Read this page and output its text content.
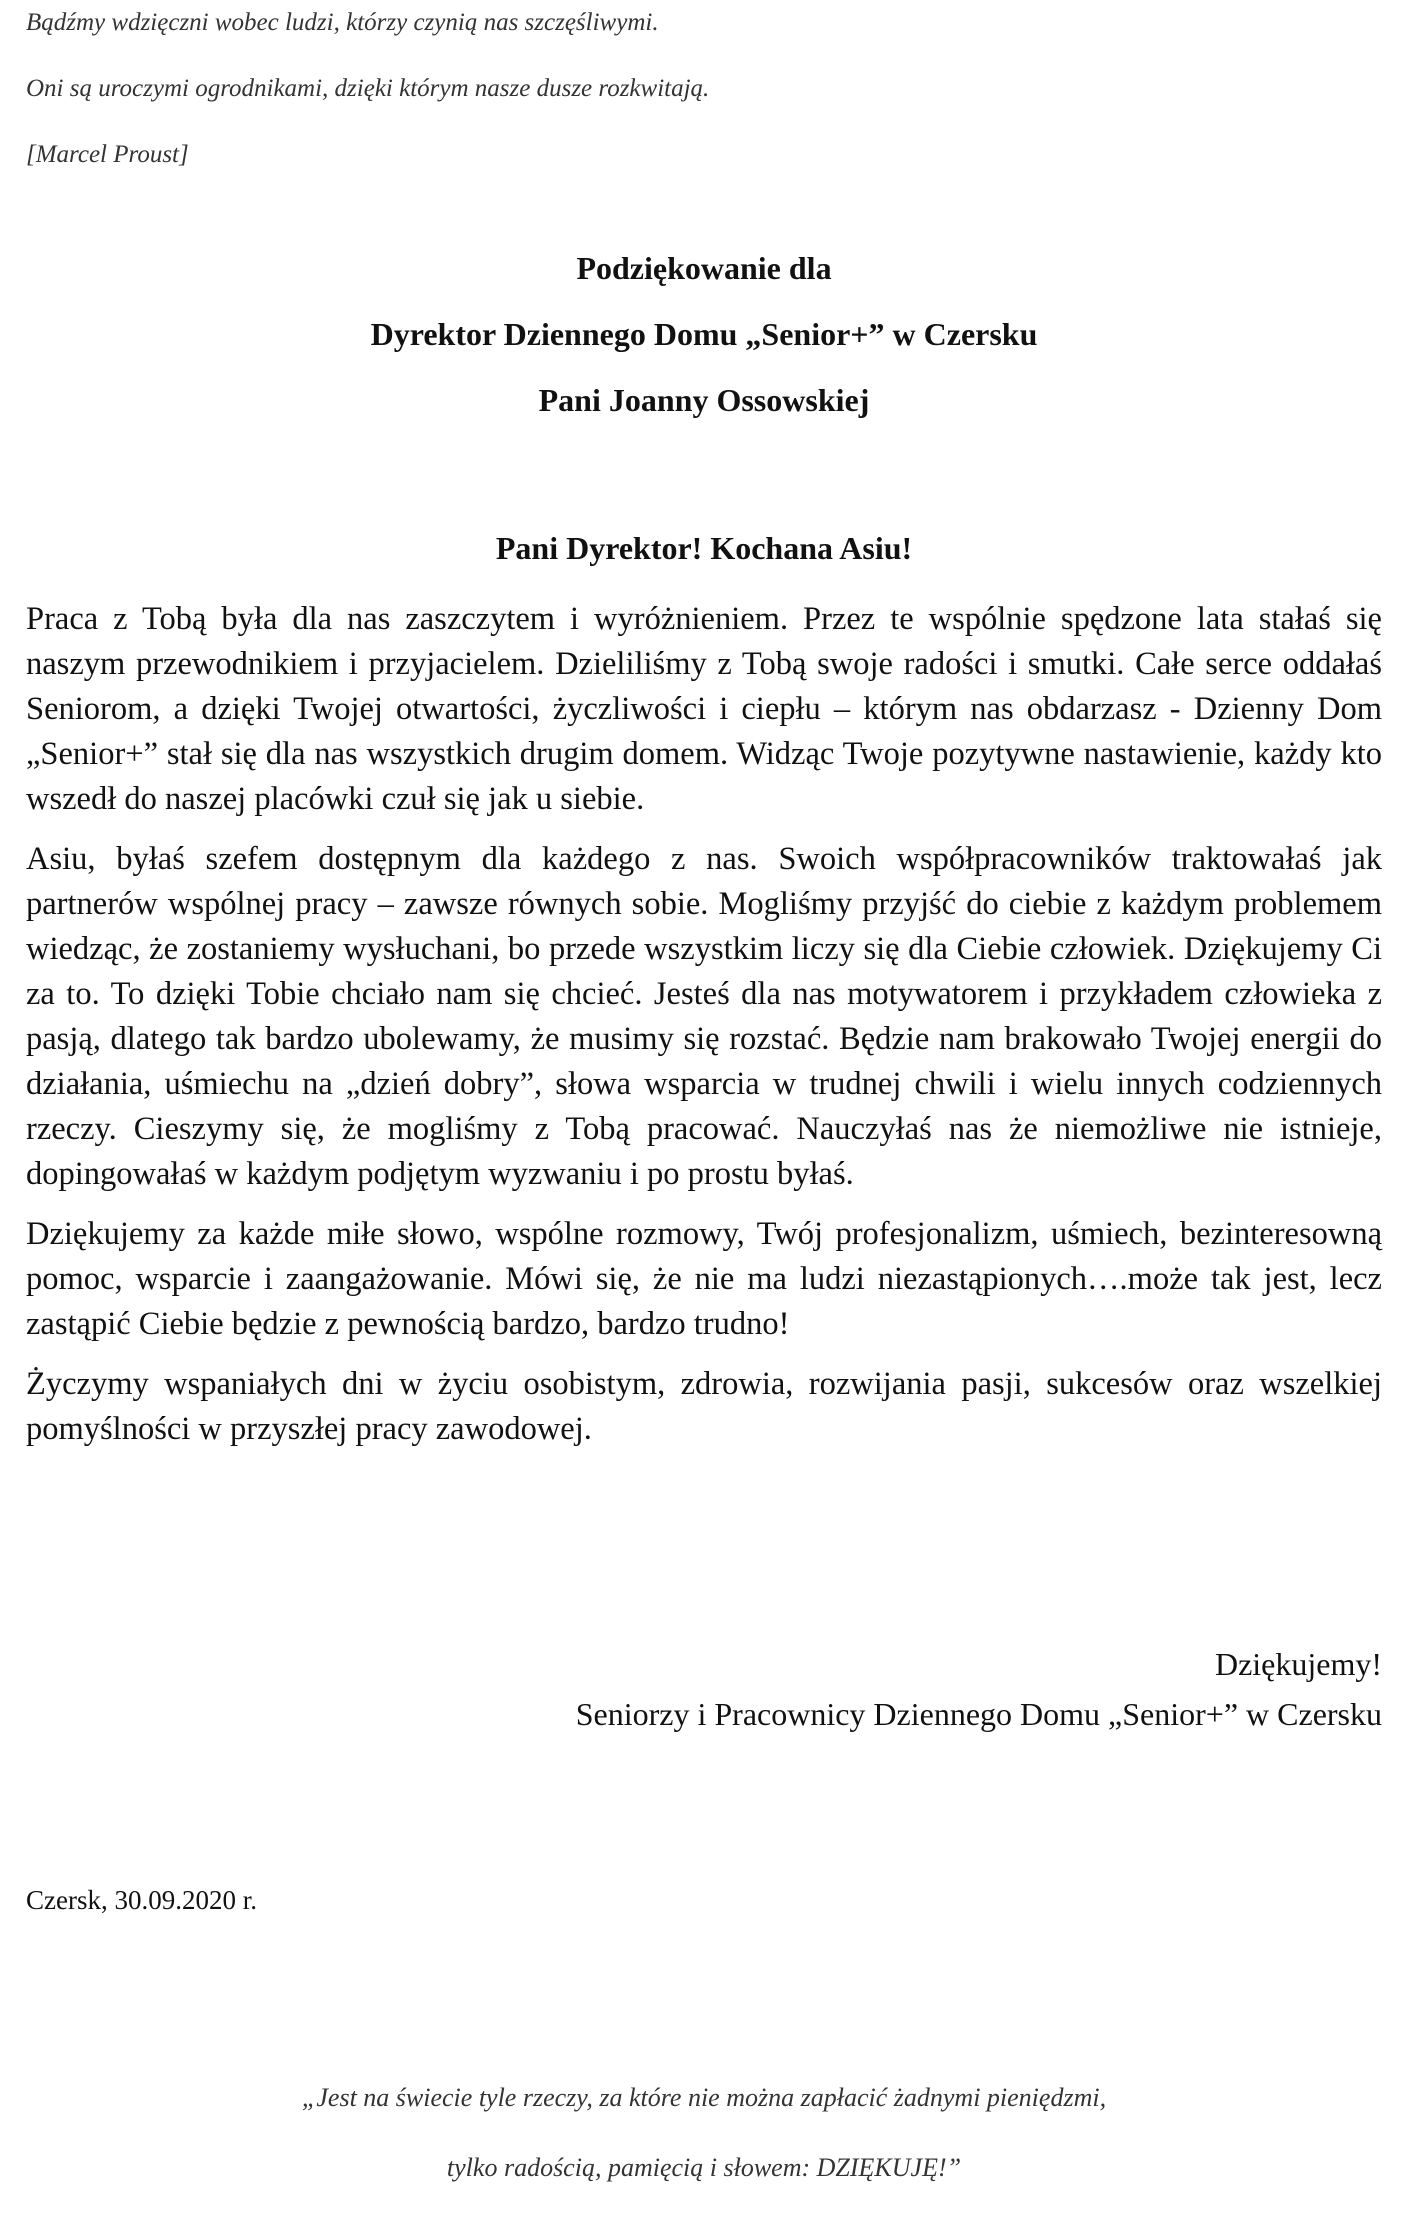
Bądźmy wdzięczni wobec ludzi, którzy czynią nas szczęśliwymi.

Oni są uroczymi ogrodnikami, dzięki którym nasze dusze rozkwitają.

[Marcel Proust]

Podziękowanie dla

Dyrektor Dziennego Domu „Senior+” w Czersku

Pani Joanny Ossowskiej

Pani Dyrektor! Kochana Asiu!

Praca z Tobą była dla nas zaszczytem i wyróżnieniem. Przez te wspólnie spędzone lata stałaś się naszym przewodnikiem i przyjacielem. Dzieliliśmy z Tobą swoje radości i smutki. Całe serce oddałaś Seniorom, a dzięki Twojej otwartości, życzliwości i ciepłu – którym nas obdarzasz - Dzienny Dom „Senior+” stał się dla nas wszystkich drugim domem. Widząc Twoje pozytywne nastawienie, każdy kto wszedł do naszej placówki czuł się jak u siebie.

Asiu, byłaś szefem dostępnym dla każdego z nas. Swoich współpracowników traktowałaś jak partnerów wspólnej pracy – zawsze równych sobie. Mogliśmy przyjść do ciebie z każdym problemem wiedząc, że zostaniemy wysłuchani, bo przede wszystkim liczy się dla Ciebie człowiek. Dziękujemy Ci za to. To dzięki Tobie chciało nam się chcieć. Jesteś dla nas motywatorem i przykładem człowieka z pasją, dlatego tak bardzo ubolewamy, że musimy się rozstać. Będzie nam brakowało Twojej energii do działania, uśmiechu na „dzień dobry”, słowa wsparcia w trudnej chwili i wielu innych codziennych rzeczy. Cieszymy się, że mogliśmy z Tobą pracować. Nauczyłaś nas że niemożliwe nie istnieje, dopingowałaś w każdym podjętym wyzwaniu i po prostu byłaś.

Dziękujemy za każde miłe słowo, wspólne rozmowy, Twój profesjonalizm, uśmiech, bezinteresowną pomoc, wsparcie i zaangażowanie. Mówi się, że nie ma ludzi niezastąpionych….może tak jest, lecz zastąpić Ciebie będzie z pewnością bardzo, bardzo trudno!

Życzymy wspaniałych dni w życiu osobistym, zdrowia, rozwijania pasji, sukcesów oraz wszelkiej pomyślności w przyszłej pracy zawodowej.

Dziękujemy!

Seniorzy i Pracownicy Dziennego Domu „Senior+” w Czersku

Czersk, 30.09.2020 r.

„Jest na świecie tyle rzeczy, za które nie można zapłacić żadnymi pieniędzmi,

tylko radością, pamięcią i słowem: DZIĘKUJĘ!”
